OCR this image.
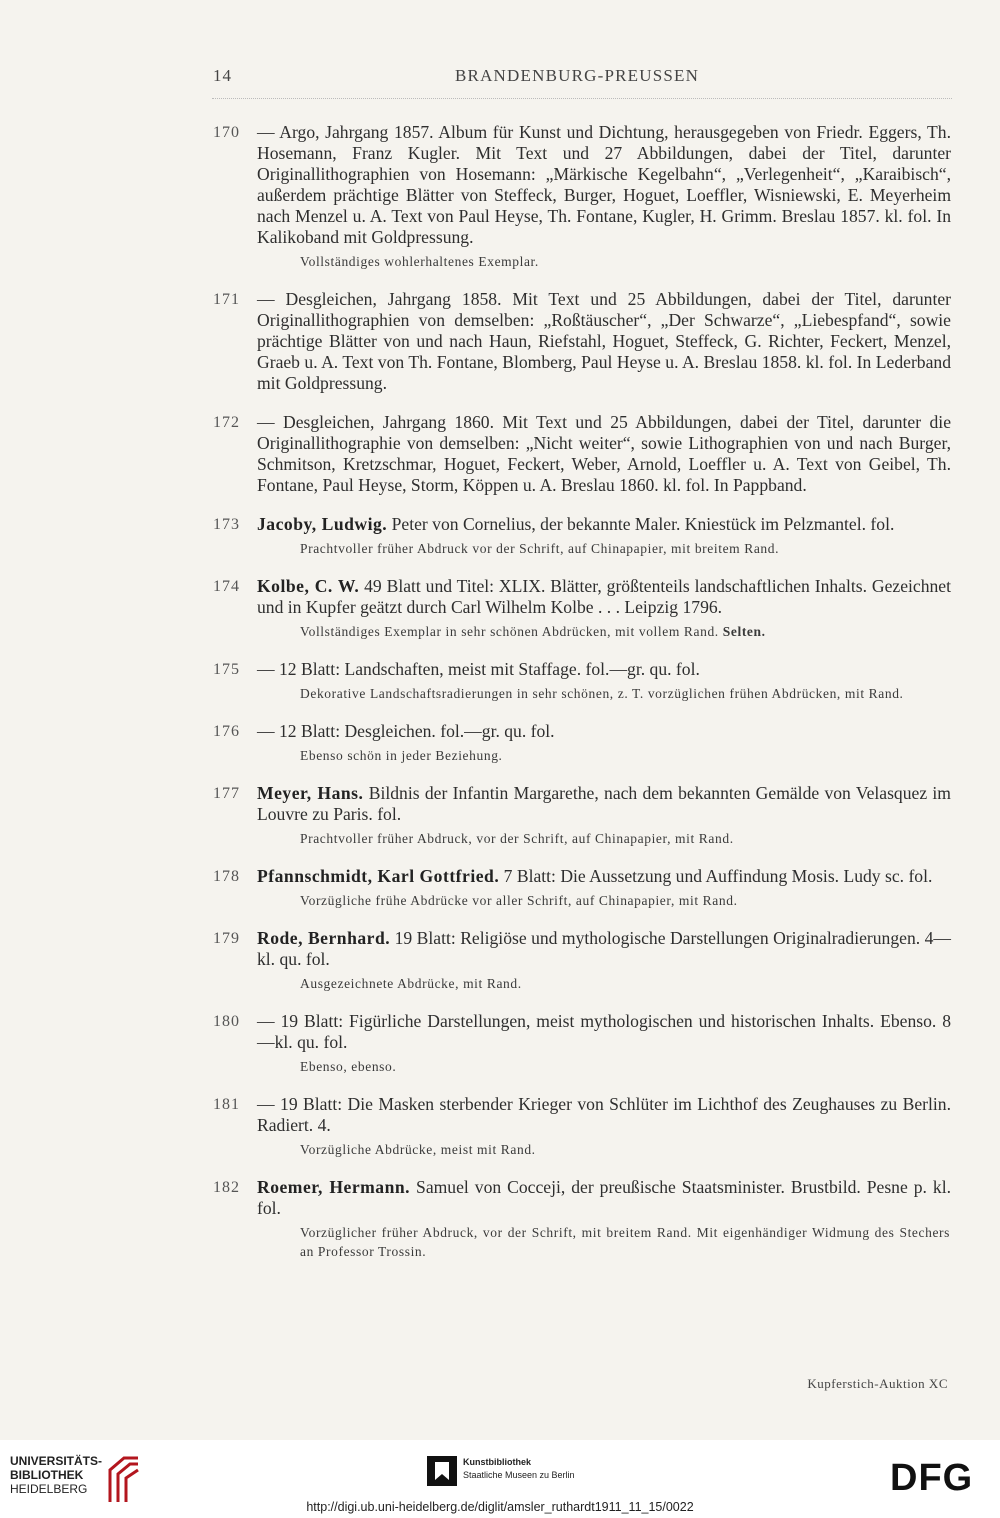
14	BRANDENBURG-PREUSSEN
170 — Argo, Jahrgang 1857. Album für Kunst und Dichtung, herausgegeben von Friedr. Eggers, Th. Hosemann, Franz Kugler. Mit Text und 27 Abbildungen, dabei der Titel, darunter Originallithographien von Hosemann: „Märkische Kegelbahn“, „Verlegenheit“, „Karaibisch“, außerdem prächtige Blätter von Steffeck, Burger, Hoguet, Loeffler, Wisniewski, E. Meyerheim nach Menzel u. A. Text von Paul Heyse, Th. Fontane, Kugler, H. Grimm. Breslau 1857. kl. fol. In Kalikoband mit Goldpressung.
Vollständiges wohlerhaltenes Exemplar.
171 — Desgleichen, Jahrgang 1858. Mit Text und 25 Abbildungen, dabei der Titel, darunter Originallithographien von demselben: „Roßtäuscher“, „Der Schwarze“, „Liebespfand“, sowie prächtige Blätter von und nach Haun, Riefstahl, Hoguet, Steffeck, G. Richter, Feckert, Menzel, Graeb u. A. Text von Th. Fontane, Blomberg, Paul Heyse u. A. Breslau 1858. kl. fol. In Lederband mit Goldpressung.
172 — Desgleichen, Jahrgang 1860. Mit Text und 25 Abbildungen, dabei der Titel, darunter die Originallithographie von demselben: „Nicht weiter“, sowie Lithographien von und nach Burger, Schmitson, Kretzschmar, Hoguet, Feckert, Weber, Arnold, Loeffler u. A. Text von Geibel, Th. Fontane, Paul Heyse, Storm, Köppen u. A. Breslau 1860. kl. fol. In Pappband.
173 Jacoby, Ludwig. Peter von Cornelius, der bekannte Maler. Kniestück im Pelzmantel. fol.
Prachtvoller früher Abdruck vor der Schrift, auf Chinapapier, mit breitem Rand.
174 Kolbe, C. W. 49 Blatt und Titel: XLIX. Blätter, größtenteils landschaftlichen Inhalts. Gezeichnet und in Kupfer geätzt durch Carl Wilhelm Kolbe . . . Leipzig 1796.
Vollständiges Exemplar in sehr schönen Abdrücken, mit vollem Rand. Selten.
175 — 12 Blatt: Landschaften, meist mit Staffage. fol.—gr. qu. fol.
Dekorative Landschaftsradierungen in sehr schönen, z. T. vorzüglichen frühen Abdrücken, mit Rand.
176 — 12 Blatt: Desgleichen. fol.—gr. qu. fol.
Ebenso schön in jeder Beziehung.
177 Meyer, Hans. Bildnis der Infantin Margarethe, nach dem bekannten Gemälde von Velasquez im Louvre zu Paris. fol.
Prachtvoller früher Abdruck, vor der Schrift, auf Chinapapier, mit Rand.
178 Pfannschmidt, Karl Gottfried. 7 Blatt: Die Aussetzung und Auffindung Mosis. Ludy sc. fol.
Vorzügliche frühe Abdrücke vor aller Schrift, auf Chinapapier, mit Rand.
179 Rode, Bernhard. 19 Blatt: Religiöse und mythologische Darstellungen Originalradierungen. 4—kl. qu. fol.
Ausgezeichnete Abdrücke, mit Rand.
180 — 19 Blatt: Figürliche Darstellungen, meist mythologischen und historischen Inhalts. Ebenso. 8—kl. qu. fol.
Ebenso, ebenso.
181 — 19 Blatt: Die Masken sterbender Krieger von Schlüter im Lichthof des Zeughauses zu Berlin. Radiert. 4.
Vorzügliche Abdrücke, meist mit Rand.
182 Roemer, Hermann. Samuel von Cocceji, der preußische Staatsminister. Brustbild. Pesne p. kl. fol.
Vorzüglicher früher Abdruck, vor der Schrift, mit breitem Rand. Mit eigenhändiger Widmung des Stechers an Professor Trossin.
Kupferstich-Auktion XC
UNIVERSITÄTS-
BIBLIOTHEK
HEIDELBERG
Kunstbibliothek
Staatliche Museen zu Berlin	DFG
http://digi.ub.uni-heidelberg.de/diglit/amsler_ruthardt1911_11_15/0022
